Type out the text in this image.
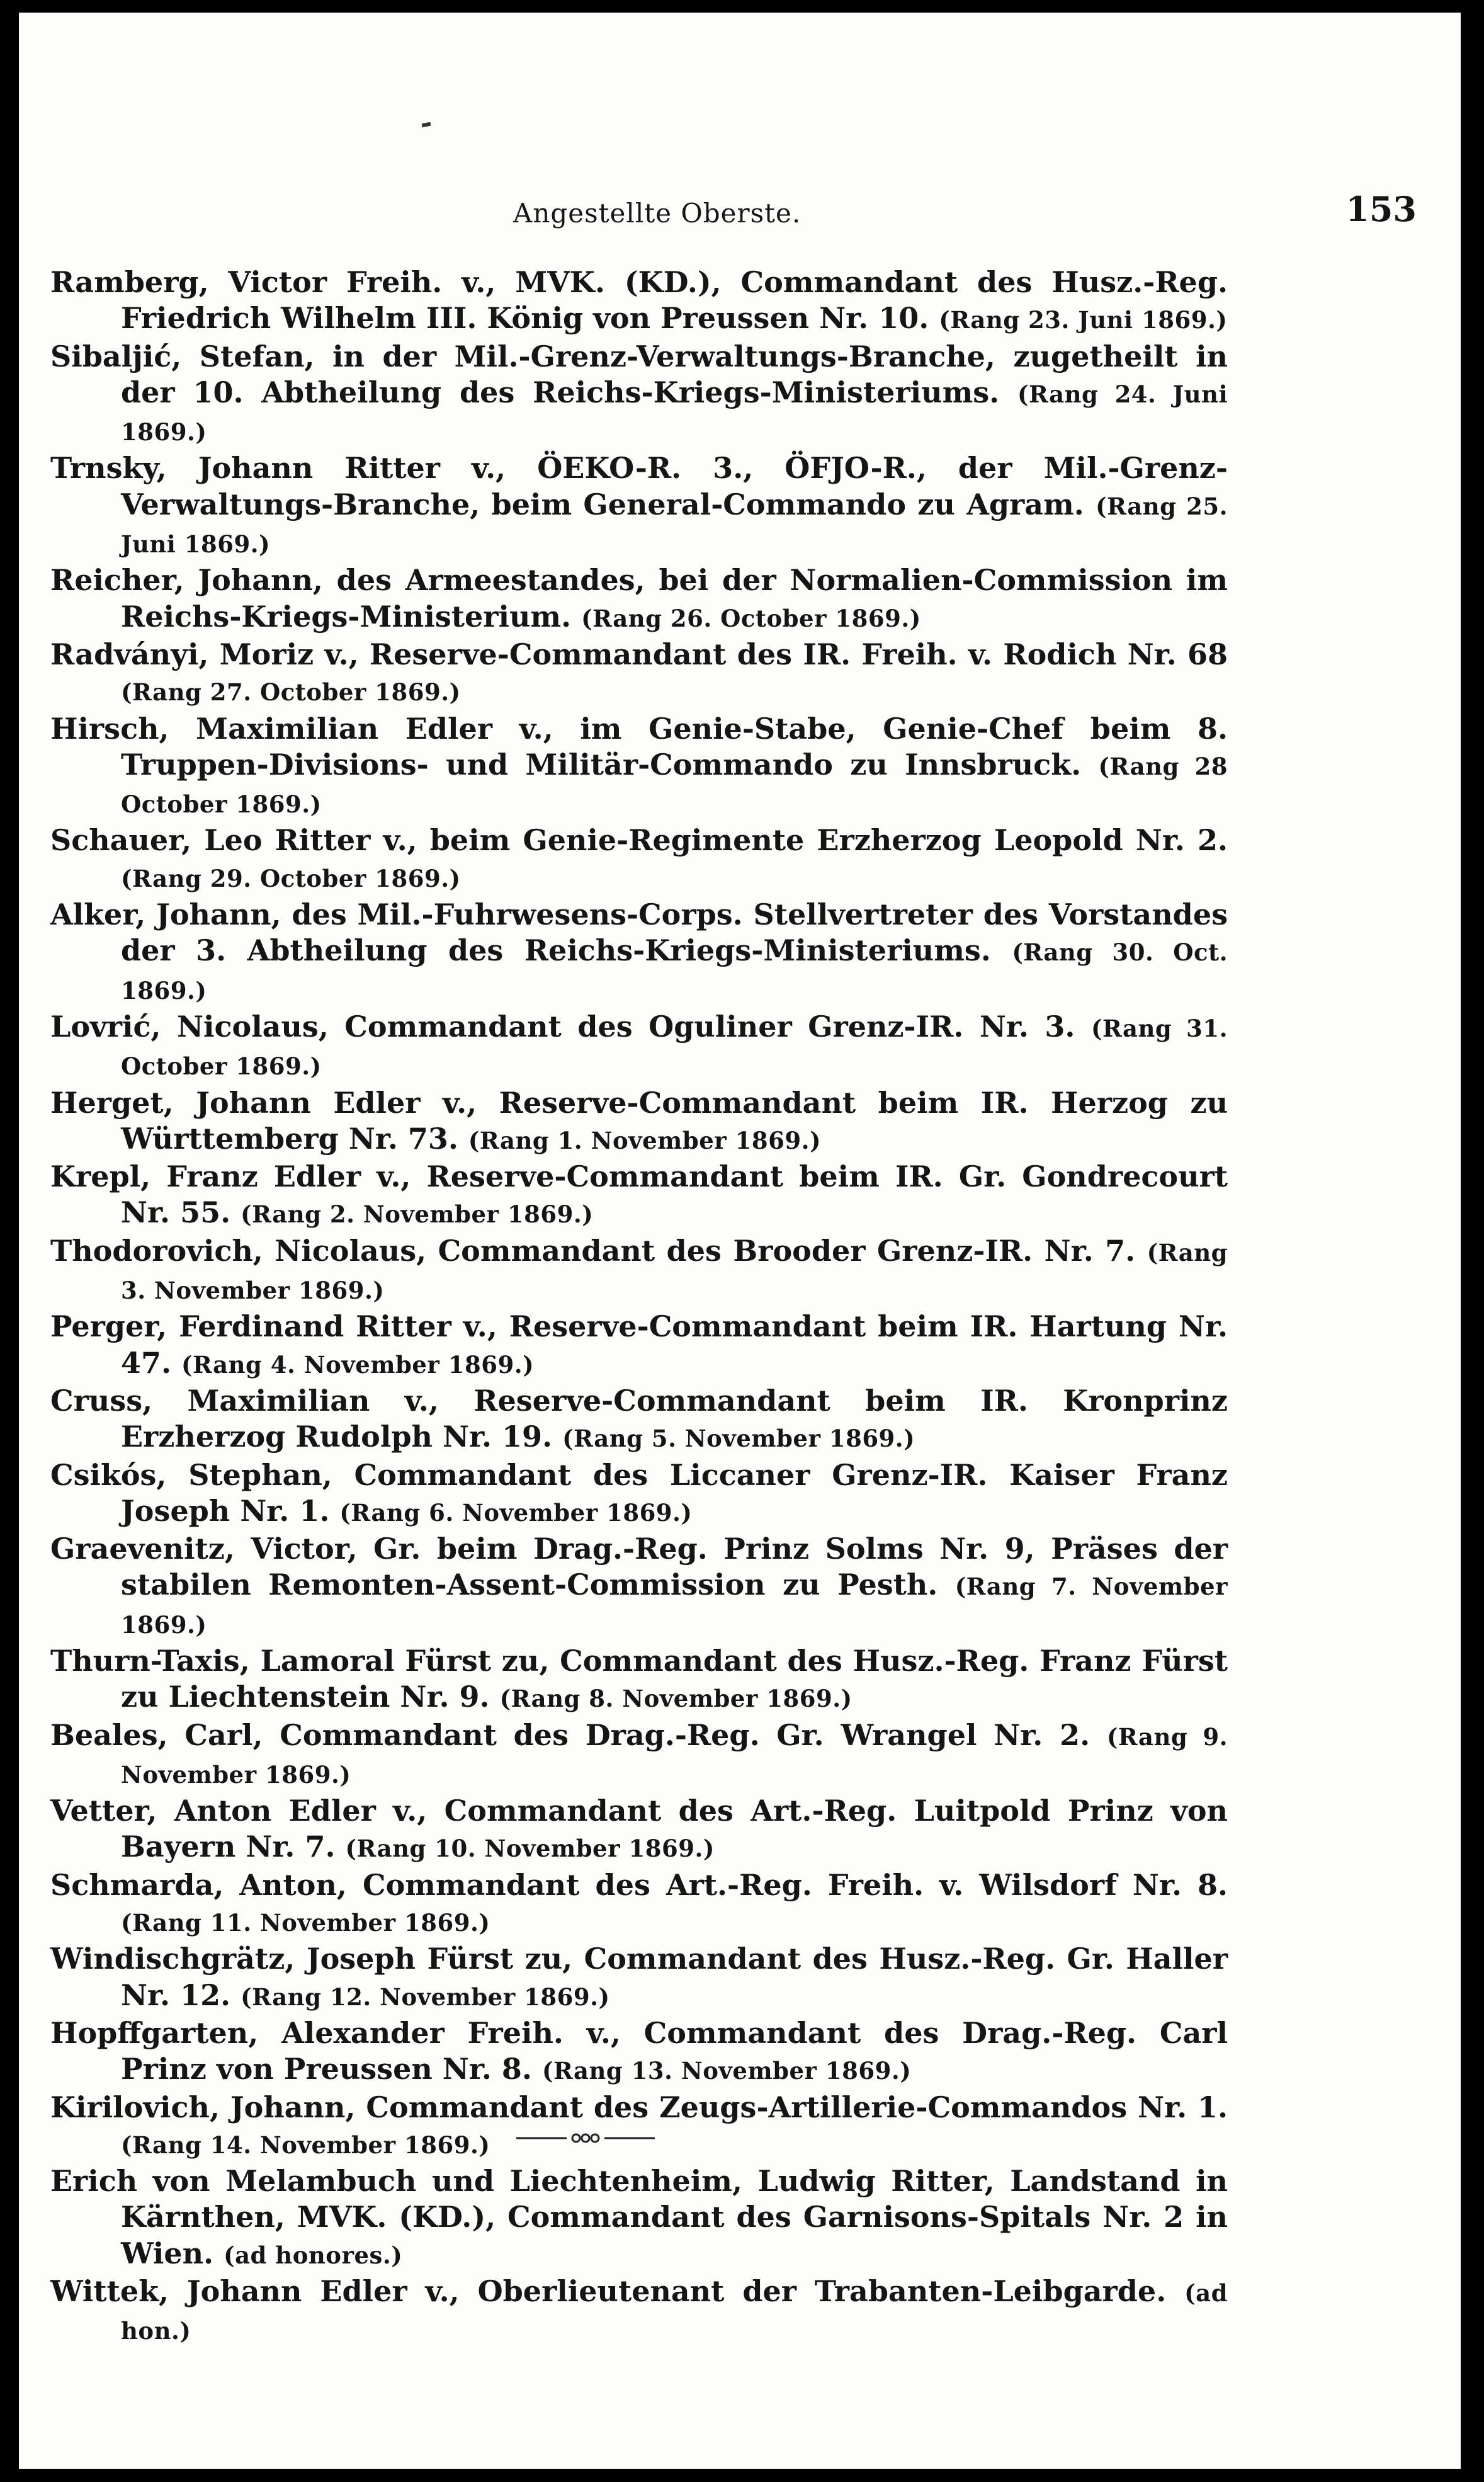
Angestellte Oberste.	153

Ramberg, Victor Freih. v., MVK. (KD.), Commandant des Husz.-Reg. Friedrich Wilhelm III. König von Preussen Nr. 10. (Rang 23. Juni 1869.)

Sibaljić, Stefan, in der Mil.-Grenz-Verwaltungs-Branche, zugetheilt in der 10. Abtheilung des Reichs-Kriegs-Ministeriums. (Rang 24. Juni 1869.)

Trnsky, Johann Ritter v., ÖEKO-R. 3., ÖFJO-R., der Mil.-Grenz-Verwaltungs-Branche, beim General-Commando zu Agram. (Rang 25. Juni 1869.)

Reicher, Johann, des Armeestandes, bei der Normalien-Commission im Reichs-Kriegs-Ministerium. (Rang 26. October 1869.)

Radványi, Moriz v., Reserve-Commandant des IR. Freih. v. Rodich Nr. 68 (Rang 27. October 1869.)

Hirsch, Maximilian Edler v., im Genie-Stabe, Genie-Chef beim 8. Truppen-Divisions- und Militär-Commando zu Innsbruck. (Rang 28 October 1869.)

Schauer, Leo Ritter v., beim Genie-Regimente Erzherzog Leopold Nr. 2. (Rang 29. October 1869.)

Alker, Johann, des Mil.-Fuhrwesens-Corps. Stellvertreter des Vorstandes der 3. Abtheilung des Reichs-Kriegs-Ministeriums. (Rang 30. Oct. 1869.)

Lovrić, Nicolaus, Commandant des Oguliner Grenz-IR. Nr. 3. (Rang 31. October 1869.)

Herget, Johann Edler v., Reserve-Commandant beim IR. Herzog zu Württemberg Nr. 73. (Rang 1. November 1869.)

Krepl, Franz Edler v., Reserve-Commandant beim IR. Gr. Gondrecourt Nr. 55. (Rang 2. November 1869.)

Thodorovich, Nicolaus, Commandant des Brooder Grenz-IR. Nr. 7. (Rang 3. November 1869.)

Perger, Ferdinand Ritter v., Reserve-Commandant beim IR. Hartung Nr. 47. (Rang 4. November 1869.)

Cruss, Maximilian v., Reserve-Commandant beim IR. Kronprinz Erzherzog Rudolph Nr. 19. (Rang 5. November 1869.)

Csikós, Stephan, Commandant des Liccaner Grenz-IR. Kaiser Franz Joseph Nr. 1. (Rang 6. November 1869.)

Graevenitz, Victor, Gr. beim Drag.-Reg. Prinz Solms Nr. 9, Präses der stabilen Remonten-Assent-Commission zu Pesth. (Rang 7. November 1869.)

Thurn-Taxis, Lamoral Fürst zu, Commandant des Husz.-Reg. Franz Fürst zu Liechtenstein Nr. 9. (Rang 8. November 1869.)

Beales, Carl, Commandant des Drag.-Reg. Gr. Wrangel Nr. 2. (Rang 9. November 1869.)

Vetter, Anton Edler v., Commandant des Art.-Reg. Luitpold Prinz von Bayern Nr. 7. (Rang 10. November 1869.)

Schmarda, Anton, Commandant des Art.-Reg. Freih. v. Wilsdorf Nr. 8. (Rang 11. November 1869.)

Windischgrätz, Joseph Fürst zu, Commandant des Husz.-Reg. Gr. Haller Nr. 12. (Rang 12. November 1869.)

Hopffgarten, Alexander Freih. v., Commandant des Drag.-Reg. Carl Prinz von Preussen Nr. 8. (Rang 13. November 1869.)

Kirilovich, Johann, Commandant des Zeugs-Artillerie-Commandos Nr. 1. (Rang 14. November 1869.)

Erich von Melambuch und Liechtenheim, Ludwig Ritter, Landstand in Kärnthen, MVK. (KD.), Commandant des Garnisons-Spitals Nr. 2 in Wien. (ad honores.)

Wittek, Johann Edler v., Oberlieutenant der Trabanten-Leibgarde. (ad hon.)
